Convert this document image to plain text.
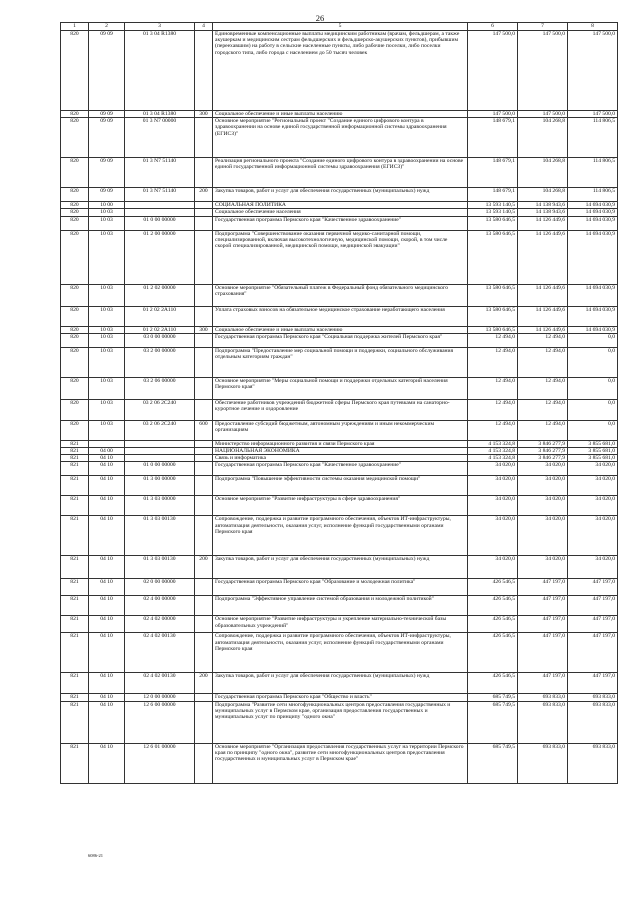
26
1	2	3	4	5	6	7	8
820	09 09	01 3 04 R1380		Единовременные компенсационные выплаты медицинским работникам (врачам, фельдшерам, а также акушеркам и медицинским сестрам фельдшерских и фельдшерско-акушерских пунктов), прибывшим (переехавшим) на работу в сельские населенные пункты, либо рабочие поселки, либо поселки городского типа, либо города с населением до 50 тысяч человек	147 500,0	147 500,0	147 500,0
820	09 09	01 3 04 R1380	300	Социальное обеспечение и иные выплаты населению	147 500,0	147 500,0	147 500,0
820	09 09	01 3 N7 00000		Основное мероприятие "Региональный проект "Создание единого цифрового контура в здравоохранении на основе единой государственной информационной системы здравоохранения (ЕГИСЗ)"	148 679,1	104 268,8	114 806,5
820	09 09	01 3 N7 51140		Реализация регионального проекта "Создание единого цифрового контура в здравоохранении на основе единой государственной информационной системы здравоохранения (ЕГИСЗ)"	148 679,1	104 268,8	114 806,5
820	09 09	01 3 N7 51140	200	Закупка товаров, работ и услуг для обеспечения государственных (муниципальных) нужд	148 679,1	104 268,8	114 806,5
820	10 00			СОЦИАЛЬНАЯ ПОЛИТИКА	13 593 140,5	14 138 943,6	14 694 030,9
820	10 03			Социальное обеспечение населения	13 593 140,5	14 138 943,6	14 694 030,9
820	10 03	01 0 00 00000		Государственная программа Пермского края "Качественное здравоохранение"	13 580 646,5	14 126 449,6	14 694 030,9
820	10 03	01 2 00 00000		Подпрограмма "Совершенствование оказания первичной медико-санитарной помощи, специализированной, включая высокотехнологичную, медицинской помощи, скорой, в том числе скорой специализированной, медицинской помощи, медицинской эвакуации"	13 580 646,5	14 126 449,6	14 694 030,9
820	10 03	01 2 02 00000		Основное мероприятие "Обязательный платеж в Федеральный фонд обязательного медицинского страхования"	13 580 646,5	14 126 449,6	14 694 030,9
820	10 03	01 2 02 2A110		Уплата страховых взносов на обязательное медицинское страхование неработающего населения	13 580 646,5	14 126 449,6	14 694 030,9
820	10 03	01 2 02 2A110	300	Социальное обеспечение и иные выплаты населению	13 580 646,5	14 126 449,6	14 694 030,9
820	10 03	03 0 00 00000		Государственная программа Пермского края "Социальная поддержка жителей Пермского края"	12 494,0	12 494,0	0,0
820	10 03	03 2 00 00000		Подпрограмма "Предоставление мер социальной помощи и поддержки, социального обслуживания отдельным категориям граждан"	12 494,0	12 494,0	0,0
820	10 03	03 2 06 00000		Основное мероприятие "Меры социальной помощи и поддержки отдельных категорий населения Пермского края"	12 494,0	12 494,0	0,0
820	10 03	03 2 06 2C240		Обеспечение работников учреждений бюджетной сферы Пермского края путевками на санаторно-курортное лечение и оздоровление	12 494,0	12 494,0	0,0
820	10 03	03 2 06 2C240	600	Предоставление субсидий бюджетным, автономным учреждениям и иным некоммерческим организациям	12 494,0	12 494,0	0,0
821				Министерство информационного развития и связи Пермского края	4 153 324,8	3 846 277,9	3 855 681,0
821	04 00			НАЦИОНАЛЬНАЯ ЭКОНОМИКА	4 153 324,8	3 846 277,9	3 855 681,0
821	04 10			Связь и информатика	4 153 324,8	3 846 277,9	3 855 681,0
821	04 10	01 0 00 00000		Государственная программа Пермского края "Качественное здравоохранение"	34 020,0	34 020,0	34 020,0
821	04 10	01 3 00 00000		Подпрограмма "Повышение эффективности системы оказания медицинской помощи"	34 020,0	34 020,0	34 020,0
821	04 10	01 3 03 00000		Основное мероприятие "Развитие инфраструктуры в сфере здравоохранения"	34 020,0	34 020,0	34 020,0
821	04 10	01 3 03 00130		Сопровождение, поддержка и развитие программного обеспечения, объектов ИТ-инфраструктуры, автоматизация деятельности, оказания услуг, исполнение функций государственными органами Пермского края	34 020,0	34 020,0	34 020,0
821	04 10	01 3 03 00130	200	Закупка товаров, работ и услуг для обеспечения государственных (муниципальных) нужд	34 020,0	34 020,0	34 020,0
821	04 10	02 0 00 00000		Государственная программа Пермского края "Образование и молодежная политика"	426 546,5	447 197,0	447 197,0
821	04 10	02 4 00 00000		Подпрограмма "Эффективное управление системой образования и молодежной политикой"	426 546,5	447 197,0	447 197,0
821	04 10	02 4 02 00000		Основное мероприятие "Развитие инфраструктуры и укрепление материально-технической базы образовательных учреждений"	426 546,5	447 197,0	447 197,0
821	04 10	02 4 02 00130		Сопровождение, поддержка и развитие программного обеспечения, объектов ИТ-инфраструктуры, автоматизация деятельности, оказания услуг, исполнение функций государственными органами Пермского края	426 546,5	447 197,0	447 197,0
821	04 10	02 4 02 00130	200	Закупка товаров, работ и услуг для обеспечения государственных (муниципальных) нужд	426 546,5	447 197,0	447 197,0
821	04 10	12 0 00 00000		Государственная программа Пермского края "Общество и власть"	685 749,5	693 833,0	693 833,0
821	04 10	12 6 00 00000		Подпрограмма "Развитие сети многофункциональных центров предоставления государственных и муниципальных услуг в Пермском крае, организация предоставления государственных и муниципальных услуг по принципу "одного окна"	685 749,5	693 833,0	693 833,0
821	04 10	12 6 01 00000		Основное мероприятие "Организация предоставления государственных услуг на территории Пермского края по принципу "одного окна", развитие сети многофункциональных центров предоставления государственных и муниципальных услуг в Пермском крае"	685 749,5	693 833,0	693 833,0
6086-21
